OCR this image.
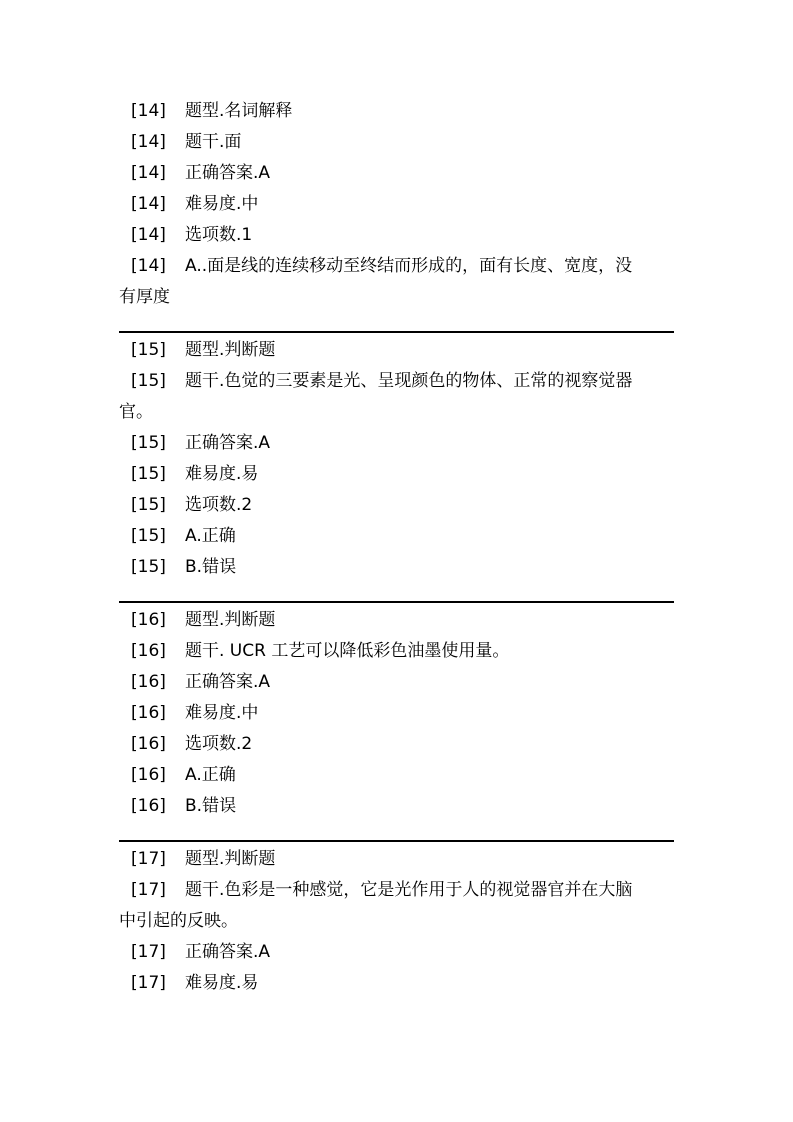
[14] 题型.名词解释
[14] 题干.面
[14] 正确答案.A
[14] 难易度.中
[14] 选项数.1
[14] A..面是线的连续移动至终结而形成的，面有长度、宽度，没
有厚度
[15] 题型.判断题
[15] 题干.色觉的三要素是光、呈现颜色的物体、正常的视察觉器
官。
[15] 正确答案.A
[15] 难易度.易
[15] 选项数.2
[15] A.正确
[15] B.错误
[16] 题型.判断题
[16] 题干. UCR 工艺可以降低彩色油墨使用量。
[16] 正确答案.A
[16] 难易度.中
[16] 选项数.2
[16] A.正确
[16] B.错误
[17] 题型.判断题
[17] 题干.色彩是一种感觉，它是光作用于人的视觉器官并在大脑
中引起的反映。
[17] 正确答案.A
[17] 难易度.易
